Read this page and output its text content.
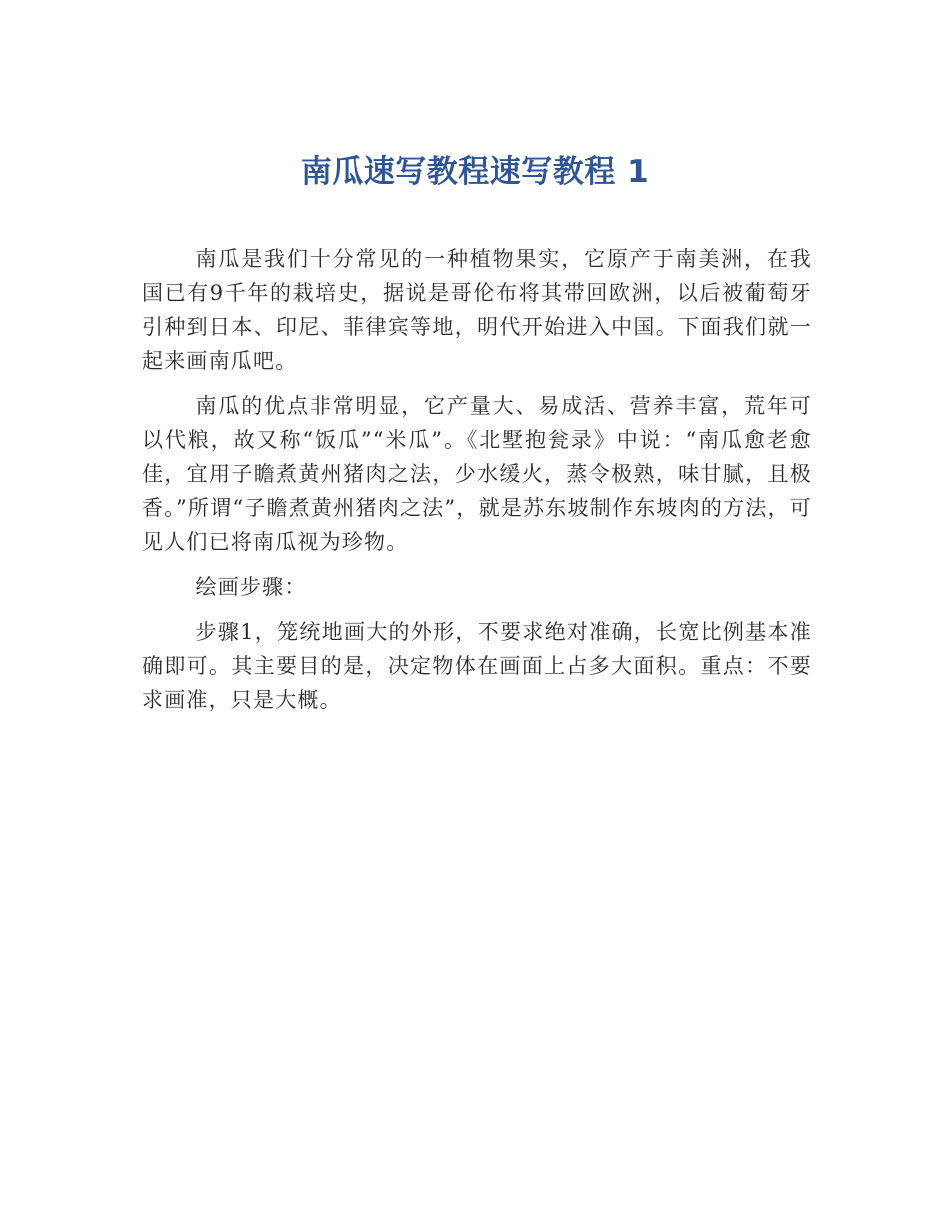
南瓜速写教程速写教程 1

南瓜是我们十分常见的一种植物果实，它原产于南美洲，在我国已有9千年的栽培史，据说是哥伦布将其带回欧洲，以后被葡萄牙引种到日本、印尼、菲律宾等地，明代开始进入中国。下面我们就一起来画南瓜吧。

南瓜的优点非常明显，它产量大、易成活、营养丰富，荒年可以代粮，故又称“饭瓜”“米瓜”。《北墅抱瓮录》中说：“南瓜愈老愈佳，宜用子瞻煮黄州猪肉之法，少水缓火，蒸令极熟，味甘腻，且极香。”所谓“子瞻煮黄州猪肉之法”，就是苏东坡制作东坡肉的方法，可见人们已将南瓜视为珍物。

绘画步骤：

步骤1，笼统地画大的外形，不要求绝对准确，长宽比例基本准确即可。其主要目的是，决定物体在画面上占多大面积。重点：不要求画准，只是大概。
